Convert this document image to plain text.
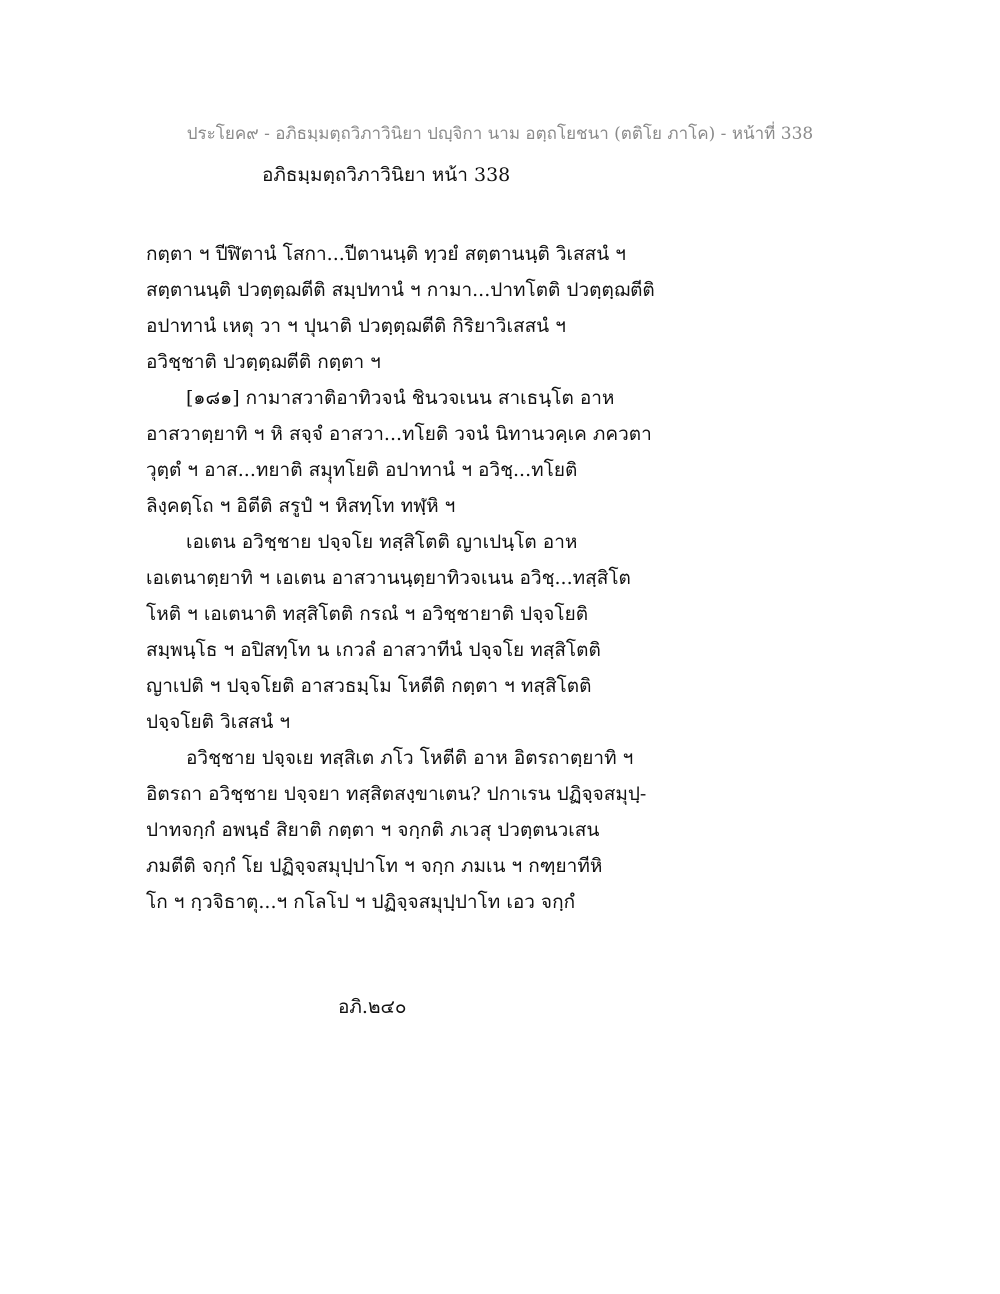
ประโยค๙ - อภิธมฺมตฺถวิภาวินิยา ปญฺจิกา นาม อตฺถโยชนา (ตติโย ภาโค) - หน้าที่ 338
อภิธมฺมตฺถวิภาวินิยา หน้า 338
กตฺตา ฯ ปีฬิตานํ โสกา...ปีตานนฺติ ทฺวยํ สตฺตานนฺติ วิเสสนํ ฯ
สตฺตานนฺติ ปวตฺตฺฌตีติ สมฺปทานํ ฯ กามา...ปาทโตติ ปวตฺตฺฌตีติ
อปาทานํ เหตุ วา ฯ ปุนาติ ปวตฺตฺฌตีติ กิริยาวิเสสนํ ฯ
อวิชฺชาติ ปวตฺตฺฌตีติ กตฺตา ฯ
[๑๘๑] กามาสวาติอาทิวจนํ ชินวจเนน สาเธนฺโต อาห
อาสวาตฺยาทิ ฯ หิ สจฺจํ อาสวา...ทโยติ วจนํ นิทานวคฺเค ภควตา
วุตฺตํ ฯ อาส...ทยาติ สมฺุทโยติ อปาทานํ ฯ อวิชฺ...ทโยติ
ลิงฺคตฺโถ ฯ อิตีติ สรูปํ ฯ หิสทฺโท ทฬฺหิ ฯ
เอเตน อวิชฺชาย ปจฺจโย ทสฺสิโตติ ญาเปนฺโต อาห
เอเตนาตฺยาทิ ฯ เอเตน อาสวานนฺตฺยาทิวจเนน อวิชฺ...ทสฺสิโต
โหติ ฯ เอเตนาติ ทสฺสิโตติ กรณํ ฯ อวิชฺชายาติ ปจฺจโยติ
สมฺพนฺโธ ฯ อปิสทฺโท น เกวลํ อาสวาทีนํ ปจฺจโย ทสฺสิโตติ
ญาเปติ ฯ ปจฺจโยติ อาสวธมฺโม โหตีติ กตฺตา ฯ ทสฺสิโตติ
ปจฺจโยติ วิเสสนํ ฯ
อวิชฺชาย ปจฺจเย ทสฺสิเต ภโว โหตีติ อาห อิตรถาตฺยาทิ ฯ
อิตรถา อวิชฺชาย ปจฺจยา ทสฺสิตสงฺขาเตน? ปกาเรน ปฏิจฺจสมุปฺ-
ปาทจกฺกํ อพนฺธํ สิยาติ กตฺตา ฯ จกฺกติ ภเวสุ ปวตฺตนวเสน
ภมตีติ จกฺกํ โย ปฏิจฺจสมุปฺปาโท ฯ จกฺก ภมเน ฯ กฑฺยาทีหิ
โก ฯ กฺวจิธาตุ...ฯ กโลโป ฯ ปฏิจฺจสมุปฺปาโท เอว จกฺกํ
อภิ.๒๔๐
